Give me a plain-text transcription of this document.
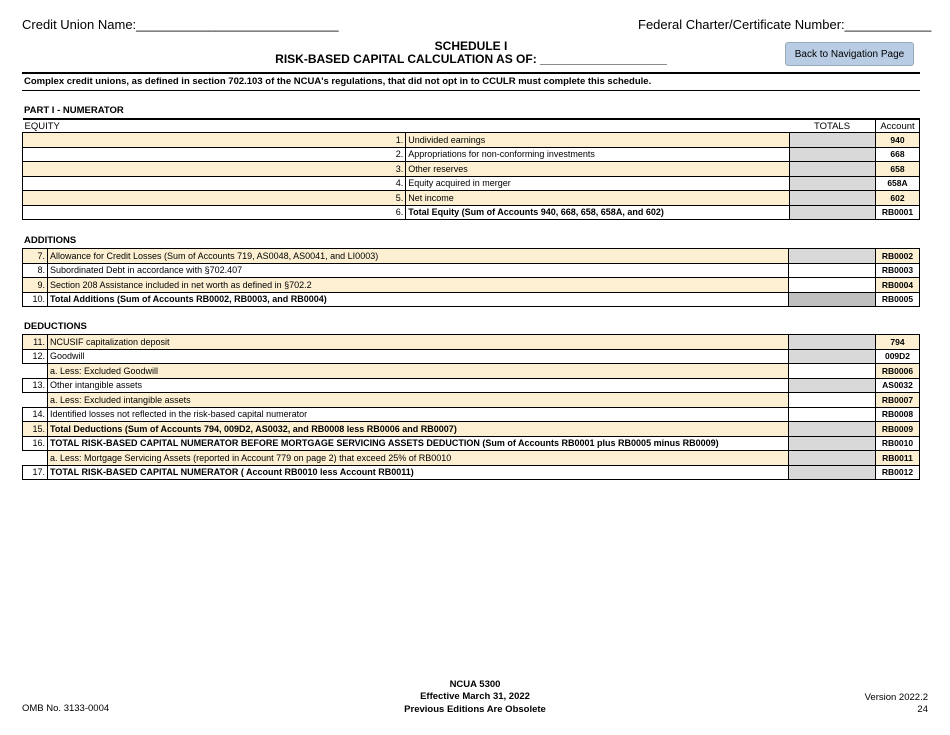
Credit Union Name:____________________________	Federal Charter/Certificate Number:____________
SCHEDULE I
RISK-BASED CAPITAL CALCULATION AS OF: ___________________	Back to Navigation Page
Complex credit unions, as defined in section 702.103 of the NCUA's regulations, that did not opt in to CCULR must complete this schedule.
PART I - NUMERATOR
EQUITY		TOTALS	Account
1.	Undivided earnings		940
2.	Appropriations for non-conforming investments		668
3.	Other reserves		658
4.	Equity acquired in merger		658A
5.	Net income		602
6.	Total Equity (Sum of Accounts 940, 668, 658, 658A, and 602)		RB0001
ADDITIONS
7.	Allowance for Credit Losses (Sum of Accounts 719, AS0048, AS0041, and LI0003)		RB0002
8.	Subordinated Debt in accordance with §702.407		RB0003
9.	Section 208 Assistance included in net worth as defined in §702.2		RB0004
10.	Total Additions (Sum of Accounts RB0002, RB0003, and RB0004)		RB0005
DEDUCTIONS
11.	NCUSIF capitalization deposit		794
12.	Goodwill		009D2
	a. Less: Excluded Goodwill		RB0006
13.	Other intangible assets		AS0032
	a. Less: Excluded intangible assets		RB0007
14.	Identified losses not reflected in the risk-based capital numerator		RB0008
15.	Total Deductions (Sum of Accounts 794, 009D2, AS0032, and RB0008 less RB0006 and RB0007)		RB0009
16.	TOTAL RISK-BASED CAPITAL NUMERATOR BEFORE MORTGAGE SERVICING ASSETS DEDUCTION (Sum of Accounts RB0001 plus RB0005 minus RB0009)		RB0010
	a. Less: Mortgage Servicing Assets (reported in Account 779 on page 2) that exceed 25% of RB0010		RB0011
17.	TOTAL RISK-BASED CAPITAL NUMERATOR ( Account RB0010 less Account RB0011)		RB0012
OMB No. 3133-0004
NCUA 5300
Effective March 31, 2022
Previous Editions Are Obsolete
Version 2022.2
24
